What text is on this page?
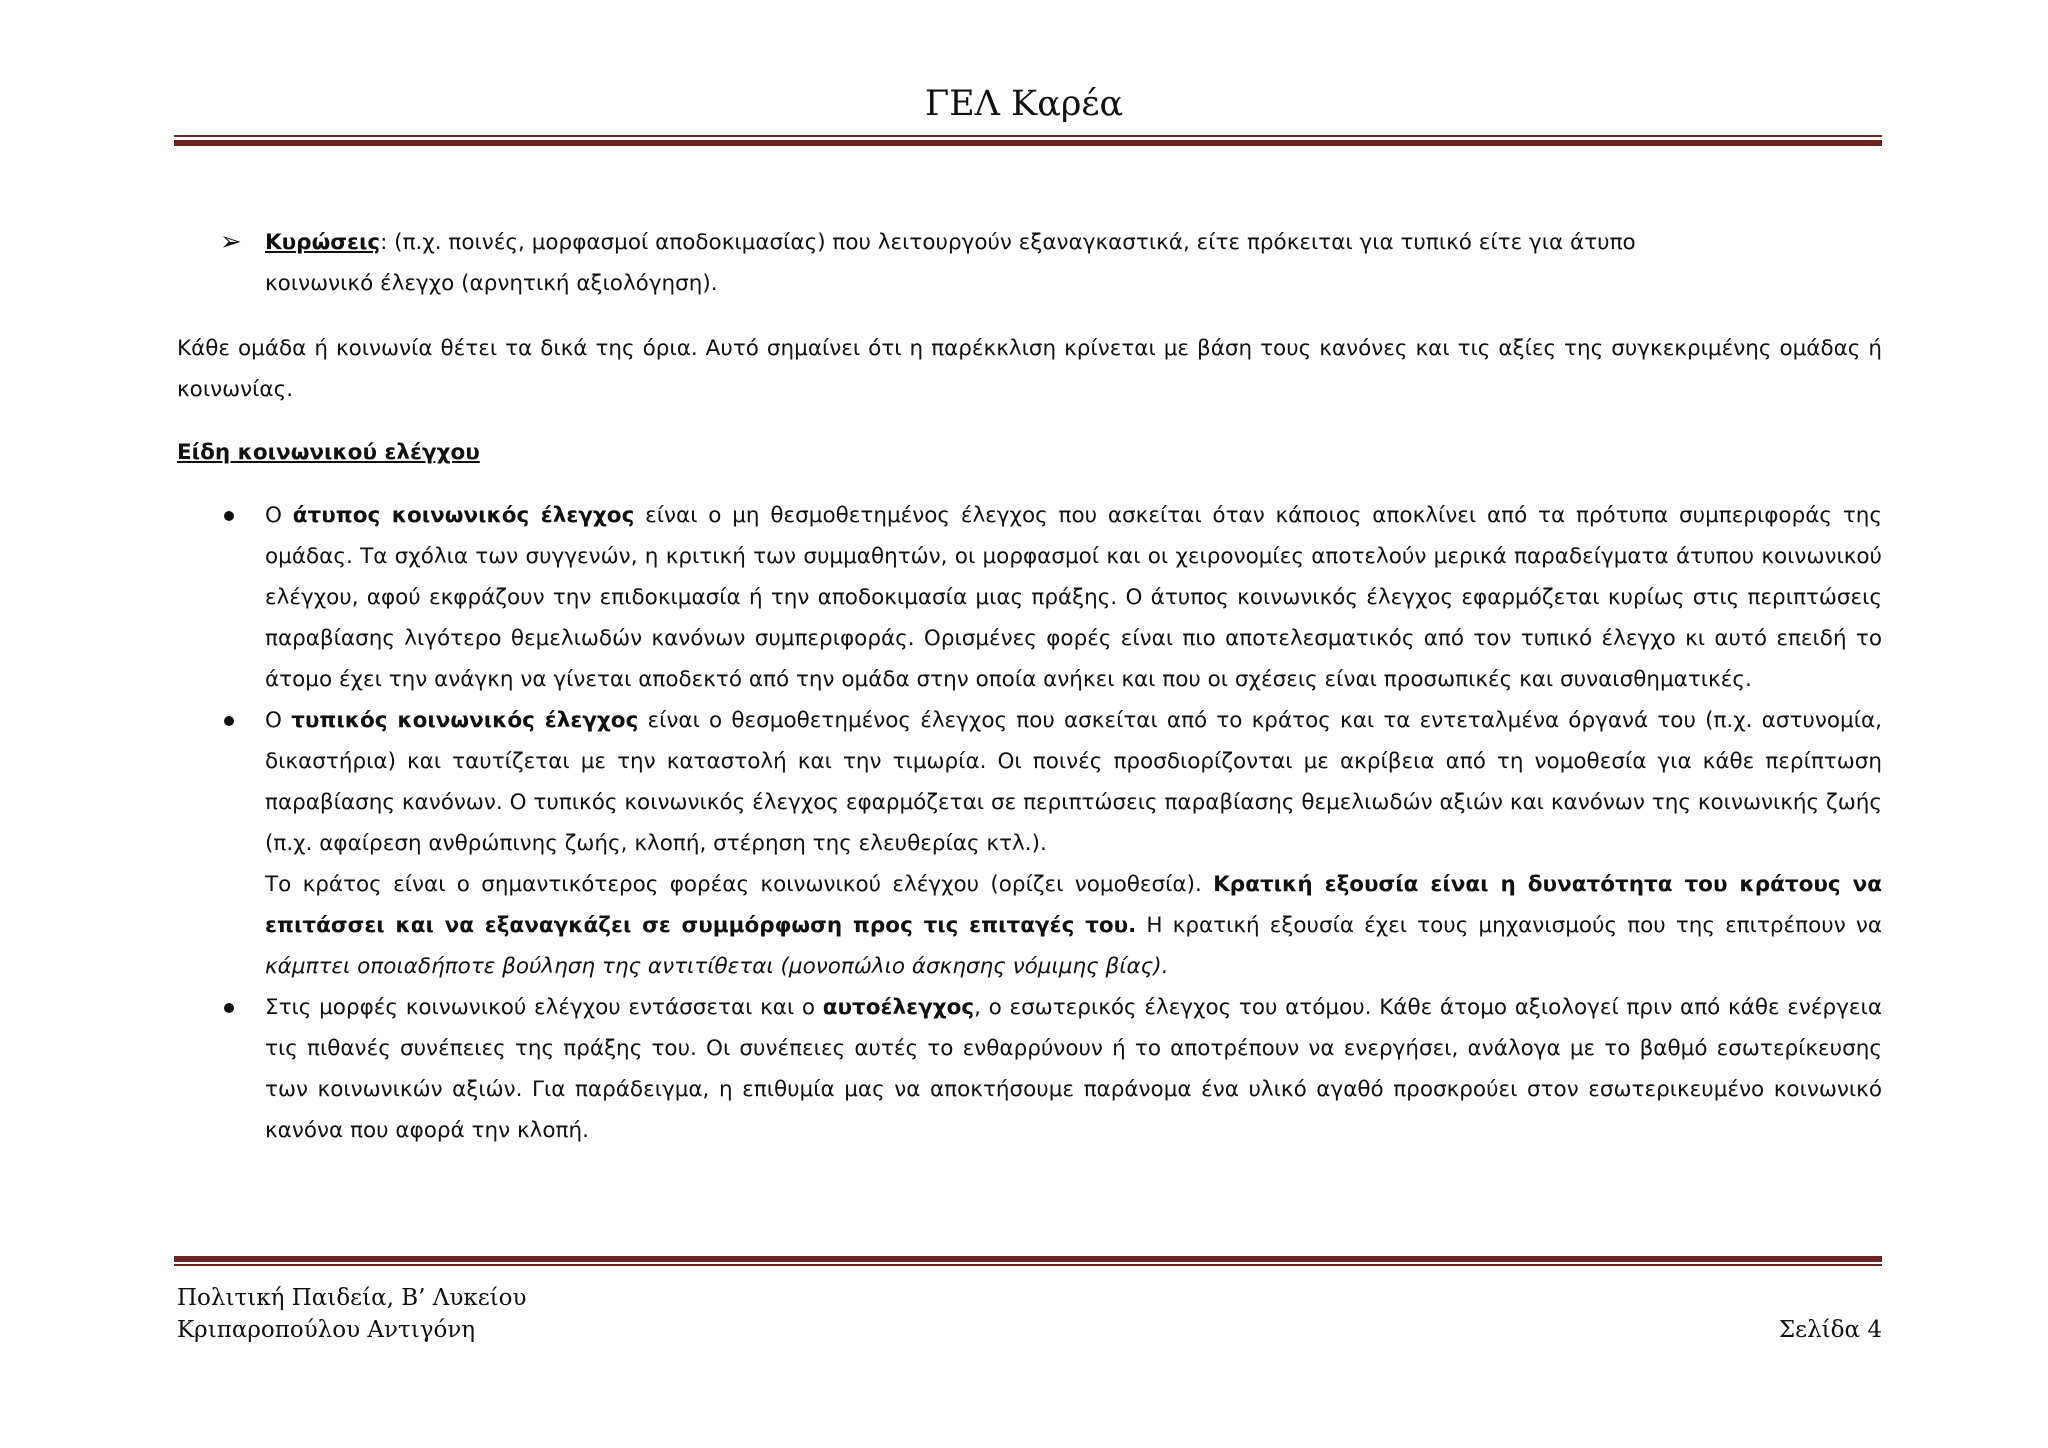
ΓΕΛ Καρέα
➢ Κυρώσεις: (π.χ. ποινές, μορφασμοί αποδοκιμασίας) που λειτουργούν εξαναγκαστικά, είτε πρόκειται για τυπικό είτε για άτυπο
κοινωνικό έλεγχο (αρνητική αξιολόγηση).
Κάθε ομάδα ή κοινωνία θέτει τα δικά της όρια. Αυτό σημαίνει ότι η παρέκκλιση κρίνεται με βάση τους κανόνες και τις αξίες της συγκεκριμένης ομάδας ή κοινωνίας.
Είδη κοινωνικού ελέγχου
Ο άτυπος κοινωνικός έλεγχος είναι ο μη θεσμοθετημένος έλεγχος που ασκείται όταν κάποιος αποκλίνει από τα πρότυπα συμπεριφοράς της ομάδας. Τα σχόλια των συγγενών, η κριτική των συμμαθητών, οι μορφασμοί και οι χειρονομίες αποτελούν μερικά παραδείγματα άτυπου κοινωνικού ελέγχου, αφού εκφράζουν την επιδοκιμασία ή την αποδοκιμασία μιας πράξης. Ο άτυπος κοινωνικός έλεγχος εφαρμόζεται κυρίως στις περιπτώσεις παραβίασης λιγότερο θεμελιωδών κανόνων συμπεριφοράς. Ορισμένες φορές είναι πιο αποτελεσματικός από τον τυπικό έλεγχο κι αυτό επειδή το άτομο έχει την ανάγκη να γίνεται αποδεκτό από την ομάδα στην οποία ανήκει και που οι σχέσεις είναι προσωπικές και συναισθηματικές.
Ο τυπικός κοινωνικός έλεγχος είναι ο θεσμοθετημένος έλεγχος που ασκείται από το κράτος και τα εντεταλμένα όργανά του (π.χ. αστυνομία, δικαστήρια) και ταυτίζεται με την καταστολή και την τιμωρία. Οι ποινές προσδιορίζονται με ακρίβεια από τη νομοθεσία για κάθε περίπτωση παραβίασης κανόνων. Ο τυπικός κοινωνικός έλεγχος εφαρμόζεται σε περιπτώσεις παραβίασης θεμελιωδών αξιών και κανόνων της κοινωνικής ζωής (π.χ. αφαίρεση ανθρώπινης ζωής, κλοπή, στέρηση της ελευθερίας κτλ.).
Το κράτος είναι ο σημαντικότερος φορέας κοινωνικού ελέγχου (ορίζει νομοθεσία). Κρατική εξουσία είναι η δυνατότητα του κράτους να επιτάσσει και να εξαναγκάζει σε συμμόρφωση προς τις επιταγές του. Η κρατική εξουσία έχει τους μηχανισμούς που της επιτρέπουν να κάμπτει οποιαδήποτε βούληση της αντιτίθεται (μονοπώλιο άσκησης νόμιμης βίας).
Στις μορφές κοινωνικού ελέγχου εντάσσεται και ο αυτοέλεγχος, ο εσωτερικός έλεγχος του ατόμου. Κάθε άτομο αξιολογεί πριν από κάθε ενέργεια τις πιθανές συνέπειες της πράξης του. Οι συνέπειες αυτές το ενθαρρύνουν ή το αποτρέπουν να ενεργήσει, ανάλογα με το βαθμό εσωτερίκευσης των κοινωνικών αξιών. Για παράδειγμα, η επιθυμία μας να αποκτήσουμε παράνομα ένα υλικό αγαθό προσκρούει στον εσωτερικευμένο κοινωνικό κανόνα που αφορά την κλοπή.
Πολιτική Παιδεία, Β’ Λυκείου
Κριπαροπούλου Αντιγόνη	Σελίδα 4
